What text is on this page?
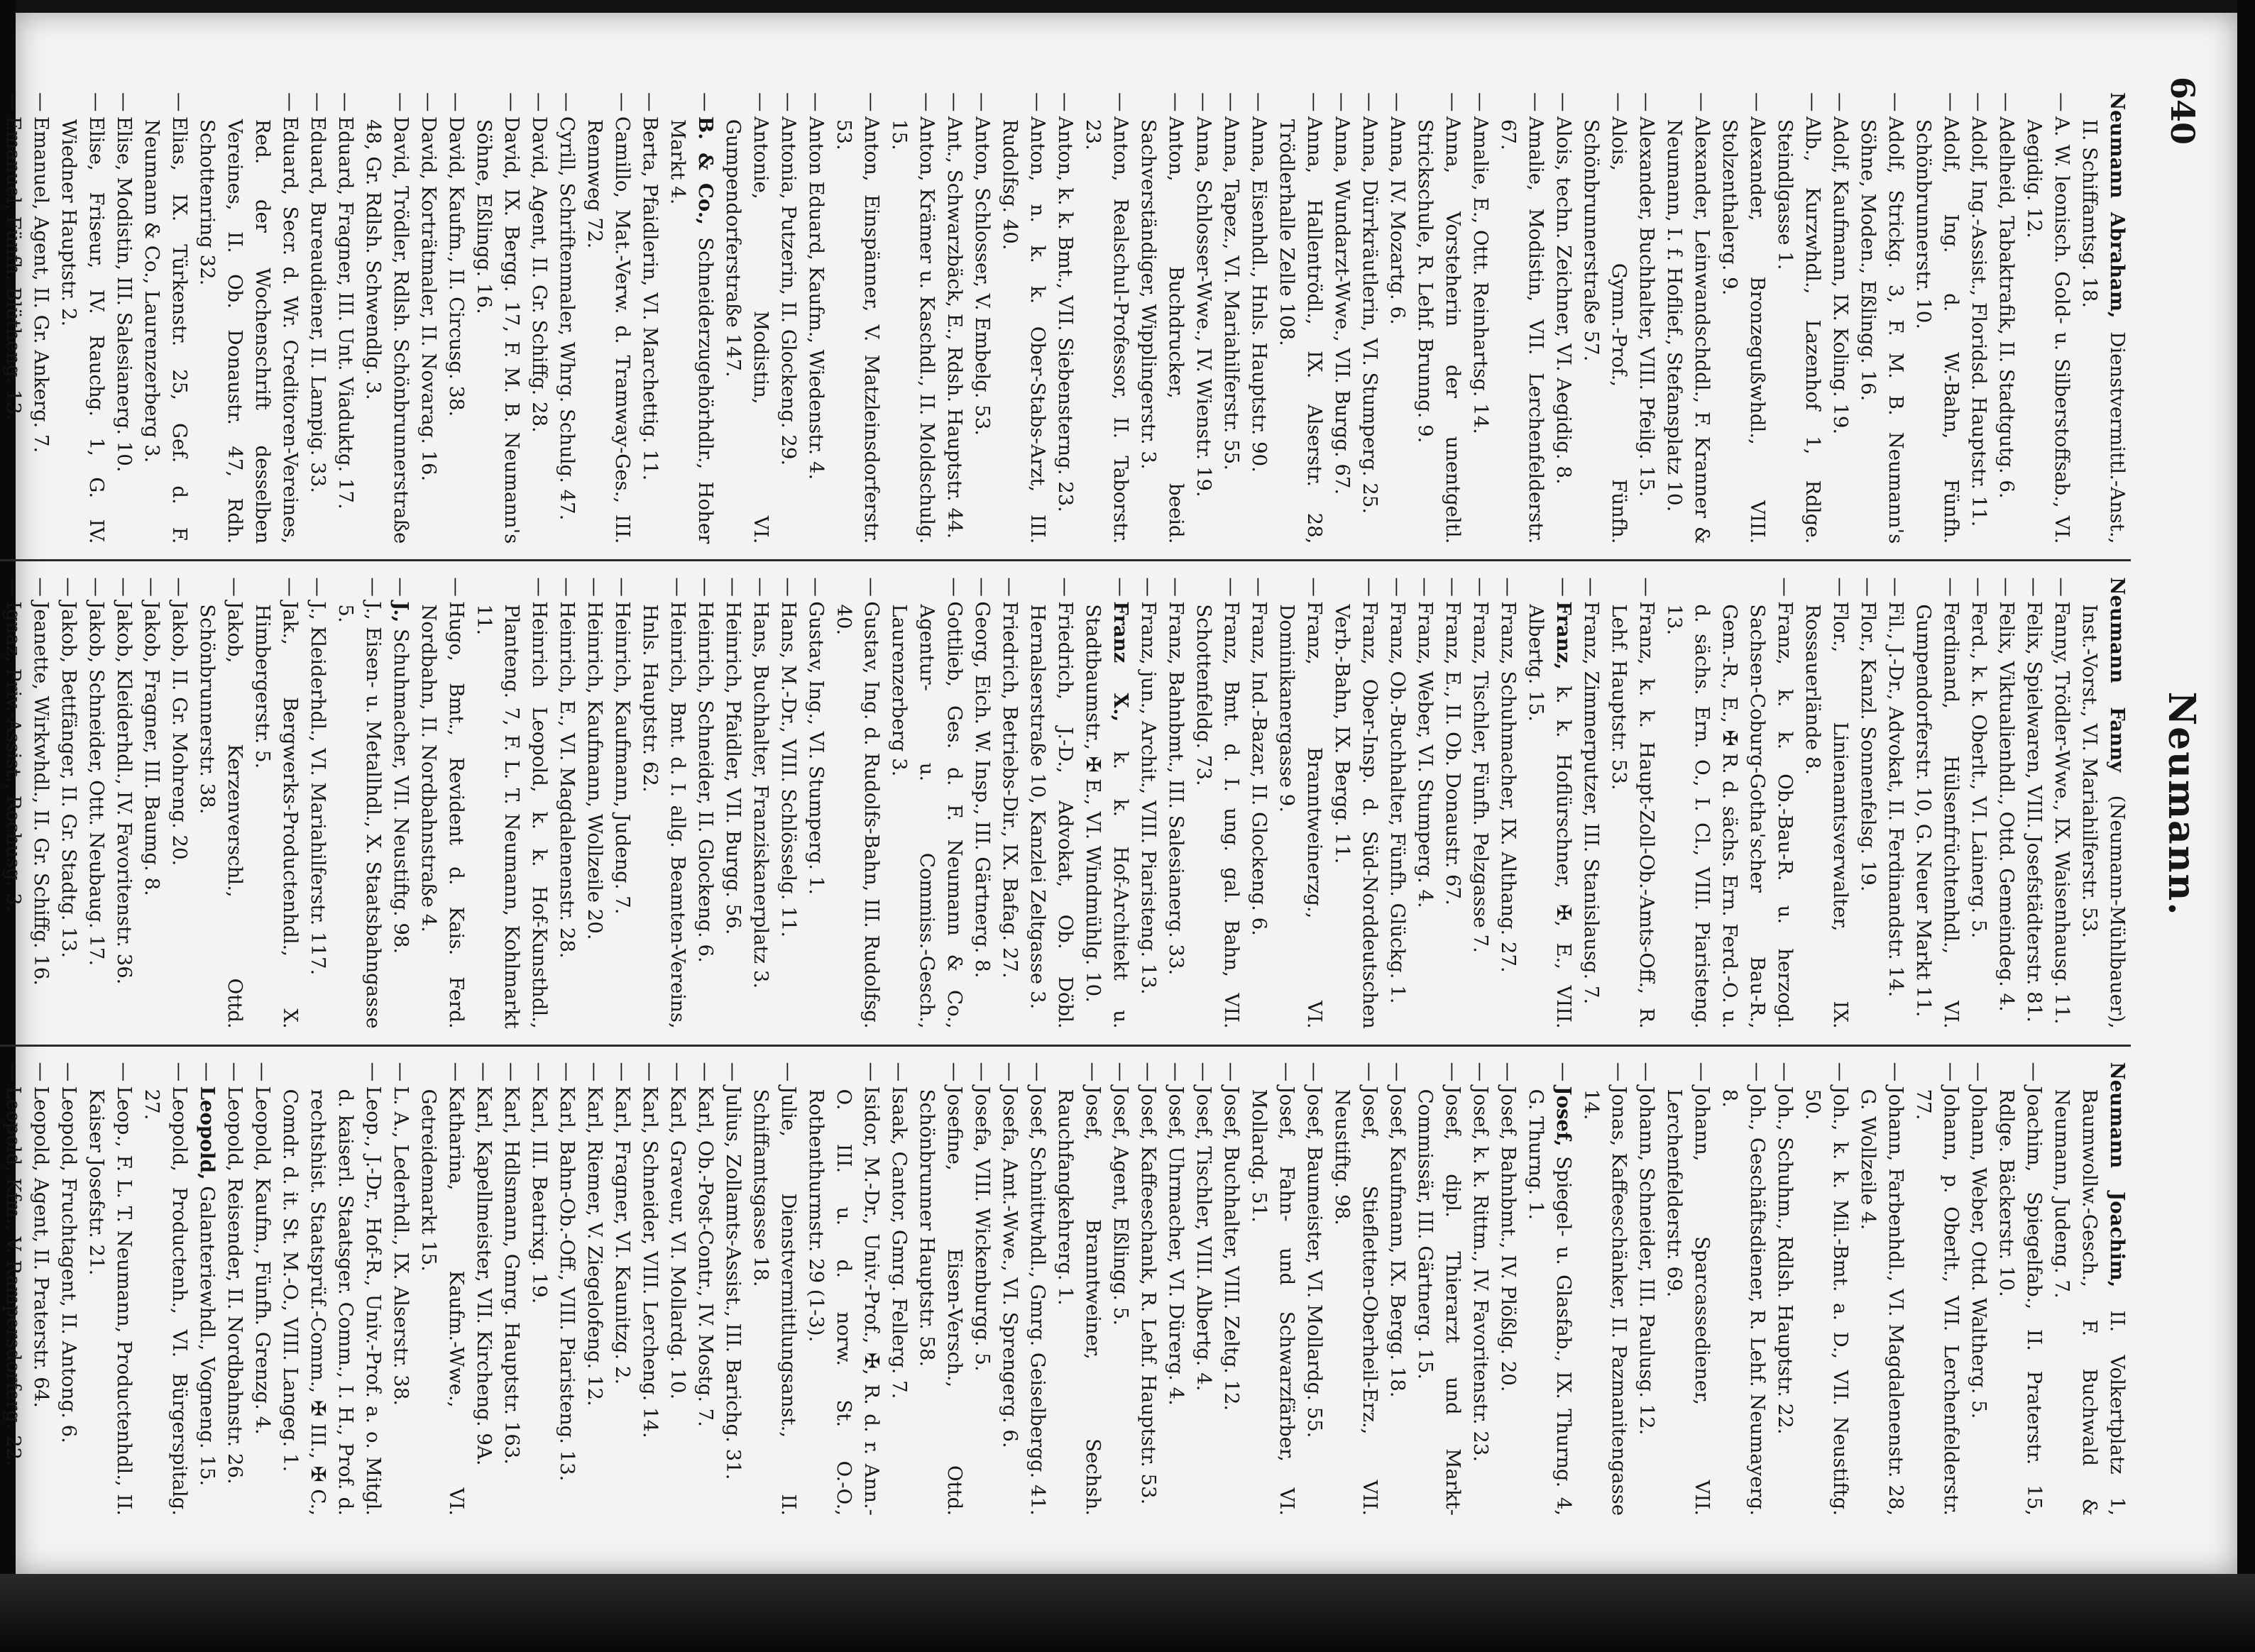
640
Neumann.

Neumann Abraham, Dienstvermittl.-Anst., II. Schiffamtsg. 18.

—A. W. leonisch. Gold- u. Silberstoffsab., VI. Aegidig. 12.

—Adelheid, Tabaktrafik, II. Stadtgutg. 6.

—Adolf, Ing.-Assist., Floridsd. Hauptstr. 11.

—Adolf, Ing. d. W.-Bahn, Fünfh. Schönbrunnerstr. 10.

—Adolf, Strickg. 3, F. M. B. Neumann's Söhne, Moden., Eßlingg. 16.

—Adolf, Kaufmann, IX. Koling. 19.

—Alb., Kurzwhdl., Lazenhof 1, Rdlge. Steindlgasse 1.

—Alexander, Bronzegußwhdl., VIII. Stolzenthalerg. 9.

—Alexander, Leinwandschddl., F. Kranner & Neumann, I. f. Hoflief., Stefansplatz 10.

—Alexander, Buchhalter, VIII. Pfeilg. 15.

—Alois, Gymn.-Prof., Fünfh. Schönbrunnerstraße 57.

—Alois, techn. Zeichner, VI. Aegidig. 8.

—Amalie, Modistin, VII. Lerchenfelderstr. 67.

—Amalie, E., Ottt. Reinhartsg. 14.

—Anna, Vorsteherin der unentgeltl. Strickschule, R. Lehf. Brunng. 9.

—Anna, IV. Mozartg. 6.

—Anna, Dürrkräutlerin, VI. Stumperg. 25.

—Anna, Wundarzt-Wwe., VII. Burgg. 67.

—Anna, Hallentrödl., IX. Alserstr. 28, Trödlerhalle Zelle 108.

—Anna, Eisenhdl., Hnls. Hauptstr. 90.

—Anna, Tapez., VI. Mariahilferstr. 55.

—Anna, Schlosser-Wwe., IV. Wienstr. 19.

—Anton, Buchdrucker, beeid. Sachverständiger, Wipplingerstr. 3.

—Anton, Realschul-Professor, II. Taborstr. 23.

—Anton, k. k. Bmt., VII. Siebensterng. 23.

—Anton, n. k. k. Ober-Stabs-Arzt, III. Rudolfsg. 40.

—Anton, Schlosser, V. Embelg. 53.

—Ant., Schwarzbäck, E., Rdsh. Hauptstr. 44.

—Anton, Krämer u. Kaschdl., II. Moldschulg. 15.

—Anton, Einspänner, V. Matzleinsdorferstr. 53.

—Anton Eduard, Kaufm., Wiedenstr. 4.

—Antonia, Putzerin, II. Glockeng. 29.

—Antonie, Modistin, VI. Gumpendorferstraße 147.

—B. & Co., Schneiderzugehörhdlr., Hoher Markt 4.

—Berta, Pfaidlerin, VI. Marchettig. 11.

—Camillo, Mat.-Verw. d. Tramway-Ges., III. Rennweg 72.

—Cyrill, Schriftenmaler, Whrg. Schulg. 47.

—David, Agent, II. Gr. Schiffg. 28.

—David, IX. Bergg. 17, F. M. B. Neumann's Söhne, Eßlingg. 16.

—David, Kaufm., II. Circusg. 38.

—David, Korträtmaler, II. Novarag. 16.

—David, Trödler, Rdlsh. Schönbrunnerstraße 48, Gr. Rdlsh. Schwendlg. 3.

—Eduard, Fragner, III. Unt. Viaduktg. 17.

—Eduard, Bureaudiener, II. Lampig. 33.

—Eduard, Secr. d. Wr. Creditoren-Vereines, Red. der Wochenschrift desselben Vereines, II. Ob. Donaustr. 47, Rdh. Schottenring 32.

—Elias, IX. Türkenstr. 25, Gef. d. F. Neumann & Co., Laurenzerberg 3.

—Elise, Modistin, III. Salesianerg. 10.

—Elise, Friseur, IV. Rauchg. 1, G. IV. Wiedner Hauptstr. 2.

—Emanuel, Agent, II. Gr. Ankerg. 7.

—Emanuel, Fünfh. Blütheng. 13.

Neumann Fanny (Neumann-Mühlbauer), Inst.-Vorst., VI. Mariahilferstr. 53.

—Fanny, Trödler-Wwe., IX. Waisenhausg. 11.

—Felix, Spielwaren, VIII. Josefstädterstr. 81.

—Felix, Viktualienhdl., Ottd. Gemeindeg. 4.

—Ferd., k. k. Oberlt., VI. Lainerg. 5.

—Ferdinand, Hülsenfrüchtenhdl., VI. Gumpendorferstr. 10, G. Neuer Markt 11.

—Fil., J.-Dr., Advokat, II. Ferdinandstr. 14.

—Flor., Kanzl. Sonnenfelsg. 19.

—Flor., Linienamtsverwalter, IX. Rossauerlände 8.

—Franz, k. k. Ob.-Bau-R. u. herzogl. Sachsen-Coburg-Gotha'scher Bau-R., Gem.-R., E., ✠ R. d. sächs. Ern. Ferd.-O. u. d. sächs. Ern. O., I. Cl., VIII. Piaristeng. 13.

—Franz, k. k. Haupt-Zoll-Ob.-Amts-Off., R. Lehf. Hauptstr. 53.

—Franz, Zimmerputzer, III. Stanislausg. 7.

—Franz, k. k. Hoflürschner, ✠, E., VIII. Albertg. 15.

—Franz, Schuhmacher, IX. Althang. 27.

—Franz, Tischler, Fünfh. Pelzgasse 7.

—Franz, E., II. Ob. Donaustr. 67.

—Franz, Weber, VI. Stumperg. 4.

—Franz, Ob.-Buchhalter, Fünfh. Glückg. 1.

—Franz, Ober-Insp. d. Süd-Norddeutschen Verb.-Bahn, IX. Bergg. 11.

—Franz, Branntweinerzg., VI. Dominikanergasse 9.

—Franz, Ind.-Bazar, II. Glockeng. 6.

—Franz, Bmt. d. I. ung. gal. Bahn, VII. Schottenfeldg. 73.

—Franz, Bahnbmt., III. Salesianerg. 33.

—Franz, jun., Archit., VIII. Piaristeng. 13.

—Franz X., k. k. Hof-Architekt u. Stadtbaumstr., ✠ E., VI. Windmühlg. 10.

—Friedrich, J.-D., Advokat, Ob. Döbl. Hernalserstraße 10, Kanzlei Zeltgasse 3.

—Friedrich, Betriebs-Dir., IX. Bafag. 27.

—Georg, Eich. W. Insp., III. Gärtnerg. 8.

—Gottlieb, Ges. d. F. Neumann & Co., Agentur- u. Commiss.-Gesch., Laurenzerberg 3.

—Gustav, Ing. d. Rudolfs-Bahn, III. Rudolfsg. 40.

—Gustav, Ing., VI. Stumperg. 1.

—Hans, M.-Dr., VIII. Schlösselg. 11.

—Hans, Buchhalter, Franziskanerplatz 3.

—Heinrich, Pfaidler, VII. Burgg. 56.

—Heinrich, Schneider, II. Glockeng. 6.

—Heinrich, Bmt. d. I. allg. Beamten-Vereins, Hnls. Hauptstr. 62.

—Heinrich, Kaufmann, Judeng. 7.

—Heinrich, Kaufmann, Wollzeile 20.

—Heinrich, E., VI. Magdalenenstr. 28.

—Heinrich Leopold, k. k. Hof-Kunsthdl., Planteng. 7, F. L. T. Neumann, Kohlmarkt 11.

—Hugo, Bmt., Revident d. Kais. Ferd. Nordbahn, II. Nordbahnstraße 4.

—J., Schuhmacher, VII. Neustiftg. 98.

—J., Eisen- u. Metallhdl., X. Staatsbahngasse 5.

—J., Kleiderhdl., VI. Mariahilferstr. 117.

—Jak., Bergwerks-Productenhdl., X. Himbergerstr. 5.

—Jakob, Kerzenverschl., Ottd. Schönbrunnerstr. 38.

—Jakob, II. Gr. Mohreng. 20.

—Jakob, Fragner, III. Baumg. 8.

—Jakob, Kleiderhdl., IV. Favoritenstr. 36.

—Jakob, Schneider, Ottt. Neubaug. 17.

—Jakob, Bettfänger, II. Gr. Stadtg. 13.

—Jeanette, Wirkwhdl., II. Gr. Schiffg. 16.

—Ignaz, Priv.-Assist., Rochusg. 3.

Neumann Joachim, II. Volkertplatz 1, Baumwollw.-Gesch., F. Buchwald & Neumann, Judeng. 7.

—Joachim, Spiegelfab., II. Praterstr. 15, Rdlge. Bäckerstr. 10.

—Johann, Weber, Ottd. Waltherg. 5.

—Johann, p. Oberlt., VII. Lerchenfelderstr. 77.

—Johann, Farbenhdl., VI. Magdalenenstr. 28, G. Wollzeile 4.

—Joh., k. k. Mil.-Bmt. a. D., VII. Neustiftg. 50.

—Joh., Schuhm., Rdlsh. Hauptstr. 22.

—Joh., Geschäftsdiener, R. Lehf. Neumayerg. 8.

—Johann, Sparcassediener, VII. Lerchenfelderstr. 69.

—Johann, Schneider, III. Paulusg. 12.

—Jonas, Kaffeeschänker, II. Pazmanitengasse 14.

—Josef, Spiegel- u. Glasfab., IX. Thurng. 4, G. Thurng. 1.

—Josef, Bahnbmt., IV. Plößlg. 20.

—Josef, k. k. Rittm., IV. Favoritenstr. 23.

—Josef, dipl. Thierarzt und Markt-Commissär, III. Gärtnerg. 15.

—Josef, Kaufmann, IX. Bergg. 18.

—Josef, Stiefletten-Oberheil-Erz., VII. Neustiftg. 98.

—Josef, Baumeister, VI. Mollardg. 55.

—Josef, Fahn- und Schwarzfärber, VI. Mollardg. 51.

—Josef, Buchhalter, VIII. Zeltg. 12.

—Josef, Tischler, VIII. Albertg. 4.

—Josef, Uhrmacher, VI. Dürerg. 4.

—Josef, Kaffeeschank, R. Lehf. Hauptstr. 53.

—Josef, Agent, Eßlingg. 5.

—Josef, Branntweiner, Sechsh. Rauchfangkehrerg. 1.

—Josef, Schnittwhdl., Gmrg. Geiselbergg. 41.

—Josefa, Amt.-Wwe., VI. Sprengerg. 6.

—Josefa, VIII. Wickenburgg. 5.

—Josefine, Eisen-Versch., Ottd. Schönbrunner Hauptstr. 58.

—Isaak, Cantor, Gmrg. Fellerg. 7.

—Isidor, M.-Dr., Univ.-Prof., ✠, R. d. r. Ann.-O. III. u. d. norw. St. O.-O., Rothenthurmstr. 29 (1-3).

—Julie, Dienstvermittlungsanst., II. Schiffamtsgasse 18.

—Julius, Zollamts-Assist., III. Barichg. 31.

—Karl, Ob.-Post-Contr., IV. Mostg. 7.

—Karl, Graveur, VI. Mollardg. 10.

—Karl, Schneider, VIII. Lercheng. 14.

—Karl, Fragner, VI. Kaunitzg. 2.

—Karl, Riemer, V. Ziegelofeng. 12.

—Karl, Bahn-Ob.-Off., VIII. Piaristeng. 13.

—Karl, III. Beatrixg. 19.

—Karl, Hdlsmann, Gmrg. Hauptstr. 163.

—Karl, Kapellmeister, VII. Kircheng. 9A.

—Katharina, Kaufm.-Wwe., VI. Getreidemarkt 15.

—L. A., Lederhdl., IX. Alserstr. 38.

—Leop., J.-Dr., Hof-R., Univ.-Prof. a. o. Mitgl. d. kaiserl. Staatsger. Comm., I. H., Prof. d. rechtshist. Staatsprüf.-Comm., ✠ III., ✠ C., Comdr. d. it. St. M.-O., VIII. Langeg. 1.

—Leopold, Kaufm., Fünfh. Grenzg. 4.

—Leopold, Reisender, II. Nordbahnstr. 26.

—Leopold, Galanteriewhdl., Vogneng. 15.

—Leopold, Productenh., VI. Bürgerspitalg. 27.

—Leop., F. L. T. Neumann, Productenhdl., II. Kaiser Josefstr. 21.

—Leopold, Fruchtagent, II. Antong. 6.

—Leopold, Agent, II. Praterstr. 64.

—Leopold, Kfm., V. Rampersdorferg. 22.
